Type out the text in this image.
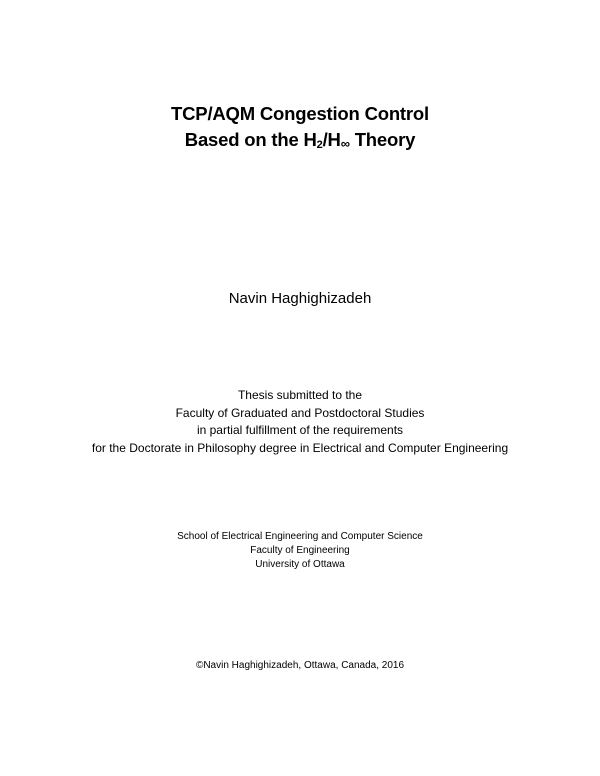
TCP/AQM Congestion Control
Based on the H2/H∞ Theory
Navin Haghighizadeh
Thesis submitted to the
Faculty of Graduated and Postdoctoral Studies
in partial fulfillment of the requirements
for the Doctorate in Philosophy degree in Electrical and Computer Engineering
School of Electrical Engineering and Computer Science
Faculty of Engineering
University of Ottawa
©Navin Haghighizadeh, Ottawa, Canada, 2016
